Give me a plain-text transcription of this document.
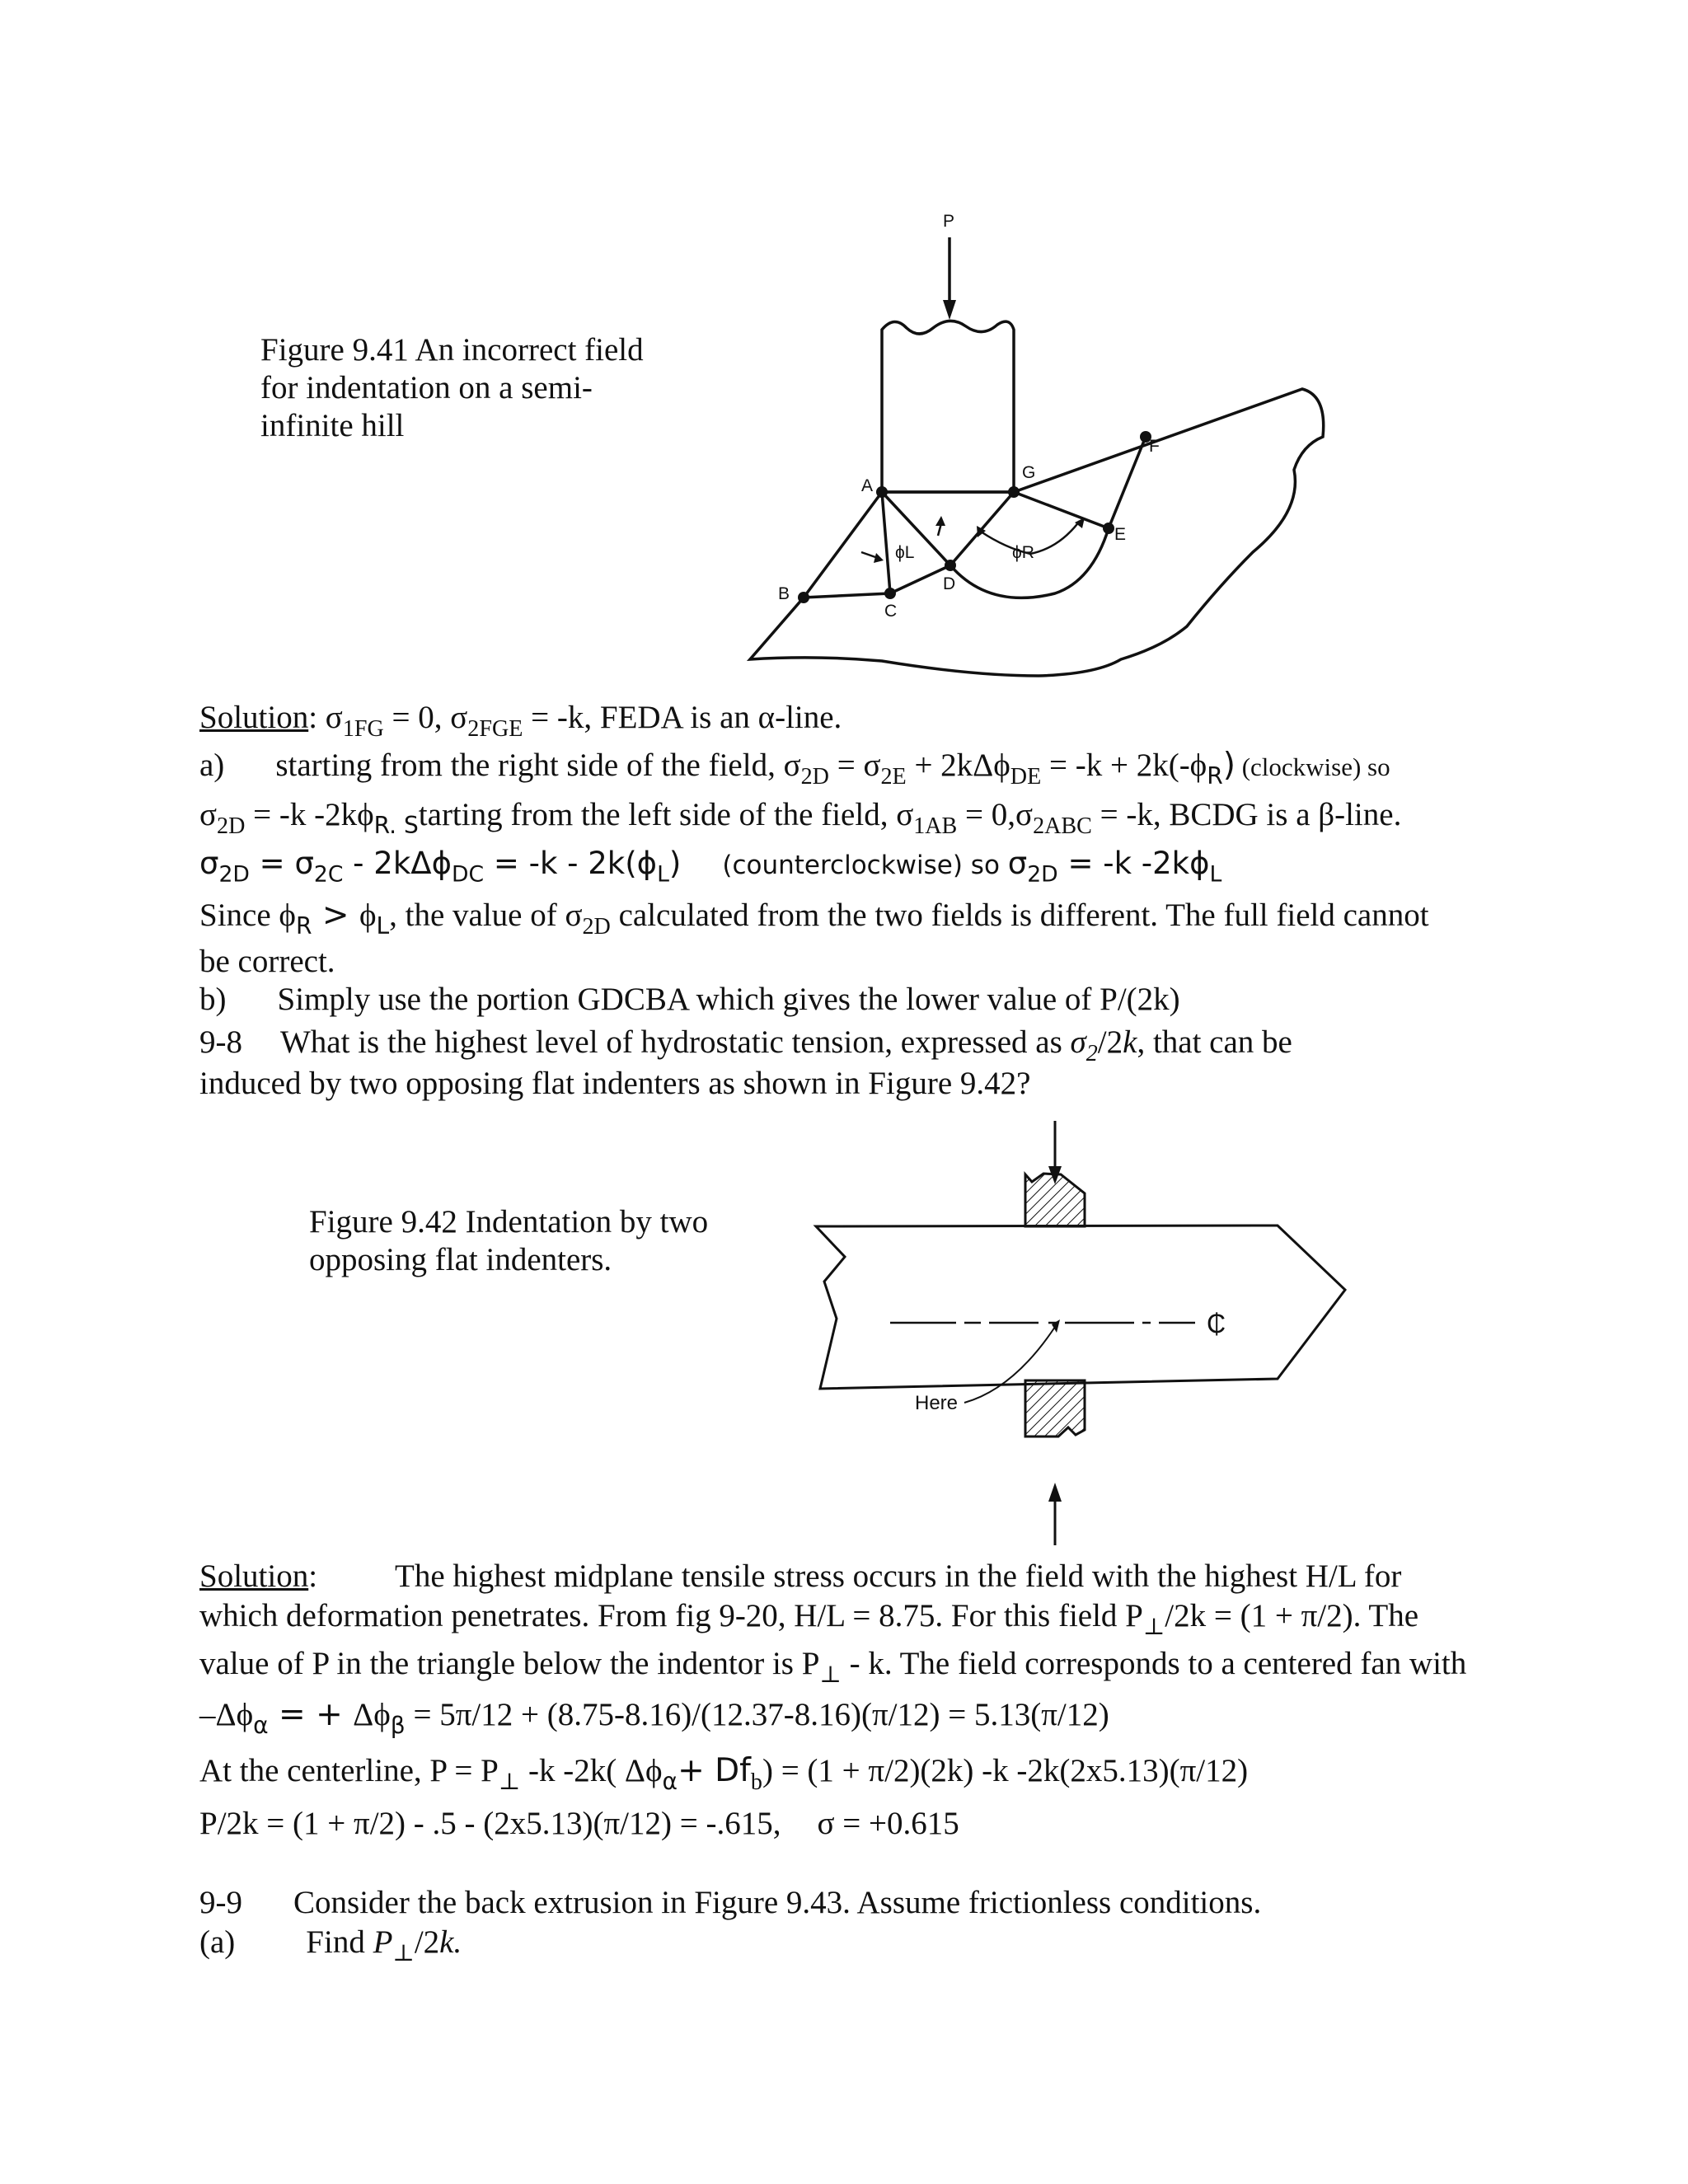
Figure 9.41 An incorrect field
for indentation on a semi-
infinite hill
P
A
G
F
E
B
C
D
ϕL	ϕR
Solution: $\sigma_{1FG} = 0$, $\sigma_{2FGE} = -k$, FEDA is an α-line.
a) starting from the right side of the field, $\sigma_{2D} = \sigma_{2E} + 2k\Delta\phi_{DE} = -k + 2k(-\phi_R)$ (clockwise) so
$\sigma_{2D} = -k$ $-2k\phi_{R. S}tarting$ from the left side of the field, $\sigma_{1AB} = 0,\sigma_{2ABC} = -k$, BCDG is a β-line.
$\sigma_{2D} = \sigma_{2C} - 2k\Delta\phi_{DC} = -k - 2k(\phi_L)$ (counterclockwise) so $\sigma_{2D} = -k$ $-2k\phi_L$
Since $\phi_R > \phi_L$, the value of $\sigma_{2D}$ calculated from the two fields is different. The full field cannot
be correct.
b) Simply use the portion GDCBA which gives the lower value of P/(2k)
9-8 What is the highest level of hydrostatic tension, expressed as $\sigma_2/2k$, that can be
induced by two opposing flat indenters as shown in Figure 9.42?
Figure 9.42 Indentation by two
opposing flat indenters.
Here
₵
Solution: The highest midplane tensile stress occurs in the field with the highest H/L for
which deformation penetrates. From fig 9-20, H/L = 8.75. For this field $P_\perp/2k = (1 + \pi/2)$. The
value of P in the triangle below the indentor is $P_\perp$ - k. The field corresponds to a centered fan with
$-\Delta\phi_\alpha$ = + $\Delta\phi_\beta = 5\pi/12 + (8.75-8.16)/(12.37-8.16)(\pi/12) = 5.13(\pi/12)$
At the centerline, $P = P_\perp$ -k -2k( $\Delta\phi_\alpha+ Df_b) = (1 + \pi/2)(2k)$ -k -2k(2x5.13)(π/12)
P/2k = (1 + π/2) - .5 - (2x5.13)(π/12) = -.615, σ = +0.615
9-9 Consider the back extrusion in Figure 9.43. Assume frictionless conditions.
(a) Find $P_\perp/2k$.
